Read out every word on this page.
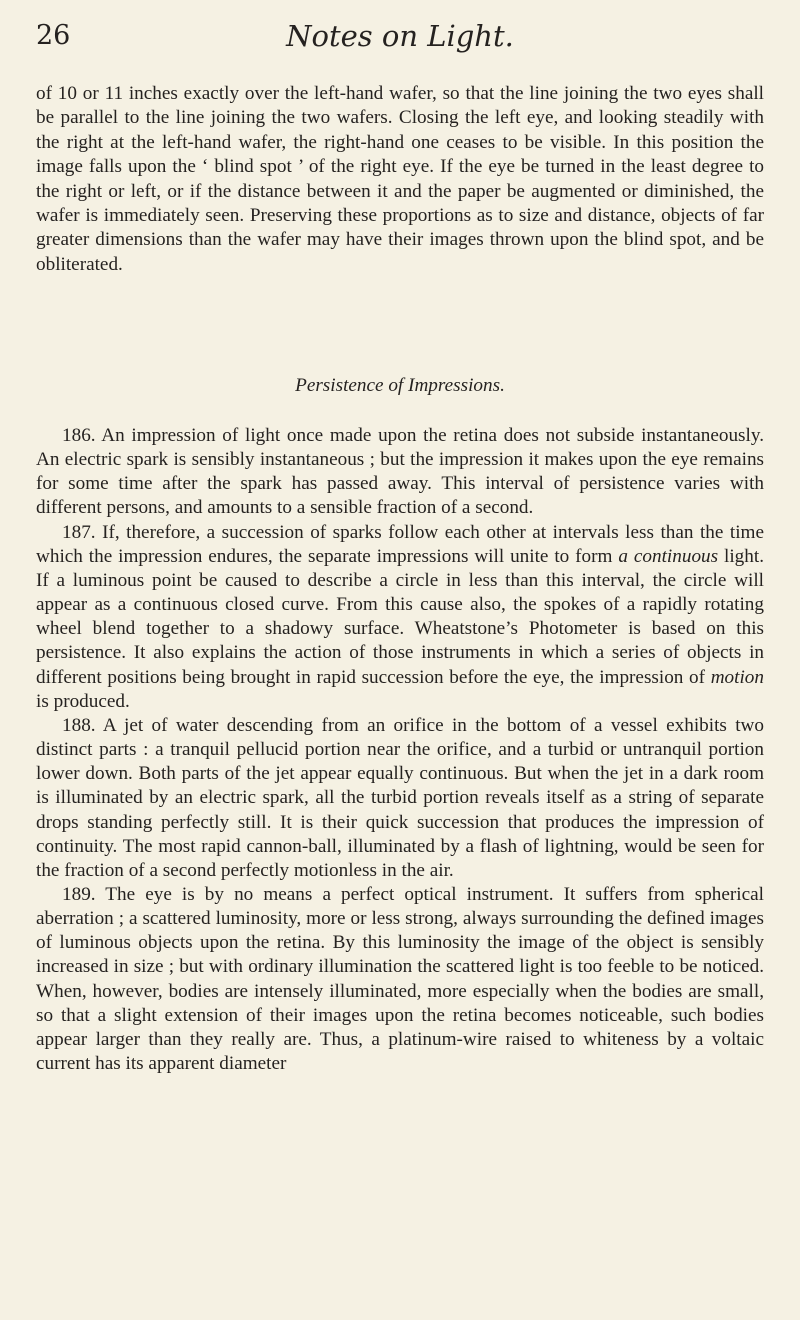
26	Notes on Light.

of 10 or 11 inches exactly over the left-hand wafer, so that the line joining the two eyes shall be parallel to the line joining the two wafers. Closing the left eye, and looking steadily with the right at the left-hand wafer, the right-hand one ceases to be visible. In this position the image falls upon the ‘ blind spot ’ of the right eye. If the eye be turned in the least degree to the right or left, or if the distance between it and the paper be augmented or diminished, the wafer is immediately seen. Preserving these proportions as to size and distance, objects of far greater dimensions than the wafer may have their images thrown upon the blind spot, and be obliterated.

Persistence of Impressions.

186. An impression of light once made upon the retina does not subside instantaneously. An electric spark is sensibly instantaneous ; but the impression it makes upon the eye remains for some time after the spark has passed away. This interval of persistence varies with different persons, and amounts to a sensible fraction of a second.

187. If, therefore, a succession of sparks follow each other at intervals less than the time which the impression endures, the separate impressions will unite to form a continuous light. If a luminous point be caused to describe a circle in less than this interval, the circle will appear as a continuous closed curve. From this cause also, the spokes of a rapidly rotating wheel blend together to a shadowy surface. Wheatstone’s Photometer is based on this persistence. It also explains the action of those instruments in which a series of objects in different positions being brought in rapid succession before the eye, the impression of motion is produced.

188. A jet of water descending from an orifice in the bottom of a vessel exhibits two distinct parts : a tranquil pellucid portion near the orifice, and a turbid or untranquil portion lower down. Both parts of the jet appear equally continuous. But when the jet in a dark room is illuminated by an electric spark, all the turbid portion reveals itself as a string of separate drops standing perfectly still. It is their quick succession that produces the impression of continuity. The most rapid cannon-ball, illuminated by a flash of lightning, would be seen for the fraction of a second perfectly motionless in the air.

189. The eye is by no means a perfect optical instrument. It suffers from spherical aberration ; a scattered luminosity, more or less strong, always surrounding the defined images of luminous objects upon the retina. By this luminosity the image of the object is sensibly increased in size ; but with ordinary illumination the scattered light is too feeble to be noticed. When, however, bodies are intensely illuminated, more especially when the bodies are small, so that a slight extension of their images upon the retina becomes noticeable, such bodies appear larger than they really are. Thus, a platinum-wire raised to whiteness by a voltaic current has its apparent diameter
